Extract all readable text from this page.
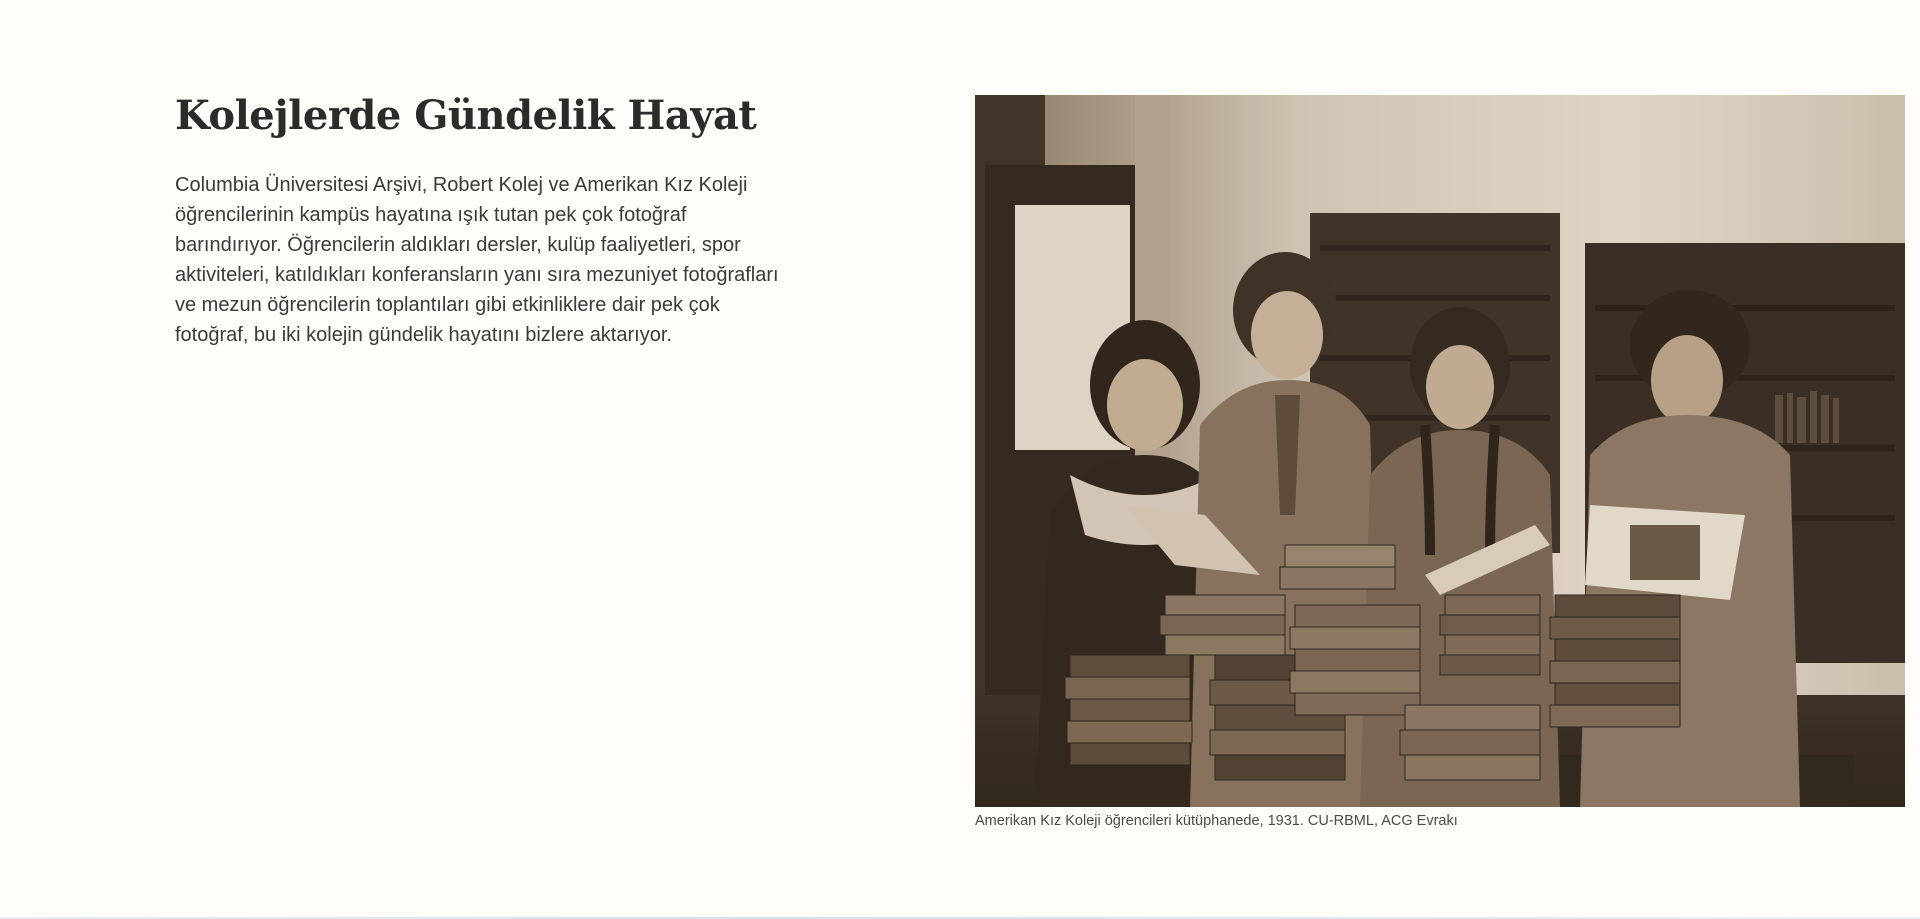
Kolejlerde Gündelik Hayat

Columbia Üniversitesi Arşivi, Robert Kolej ve Amerikan Kız Koleji öğrencilerinin kampüs hayatına ışık tutan pek çok fotoğraf barındırıyor. Öğrencilerin aldıkları dersler, kulüp faaliyetleri, spor aktiviteleri, katıldıkları konferansların yanı sıra mezuniyet fotoğrafları ve mezun öğrencilerin toplantıları gibi etkinliklere dair pek çok fotoğraf, bu iki kolejin gündelik hayatını bizlere aktarıyor.

Amerikan Kız Koleji öğrencileri kütüphanede, 1931. CU-RBML, ACG Evrakı
